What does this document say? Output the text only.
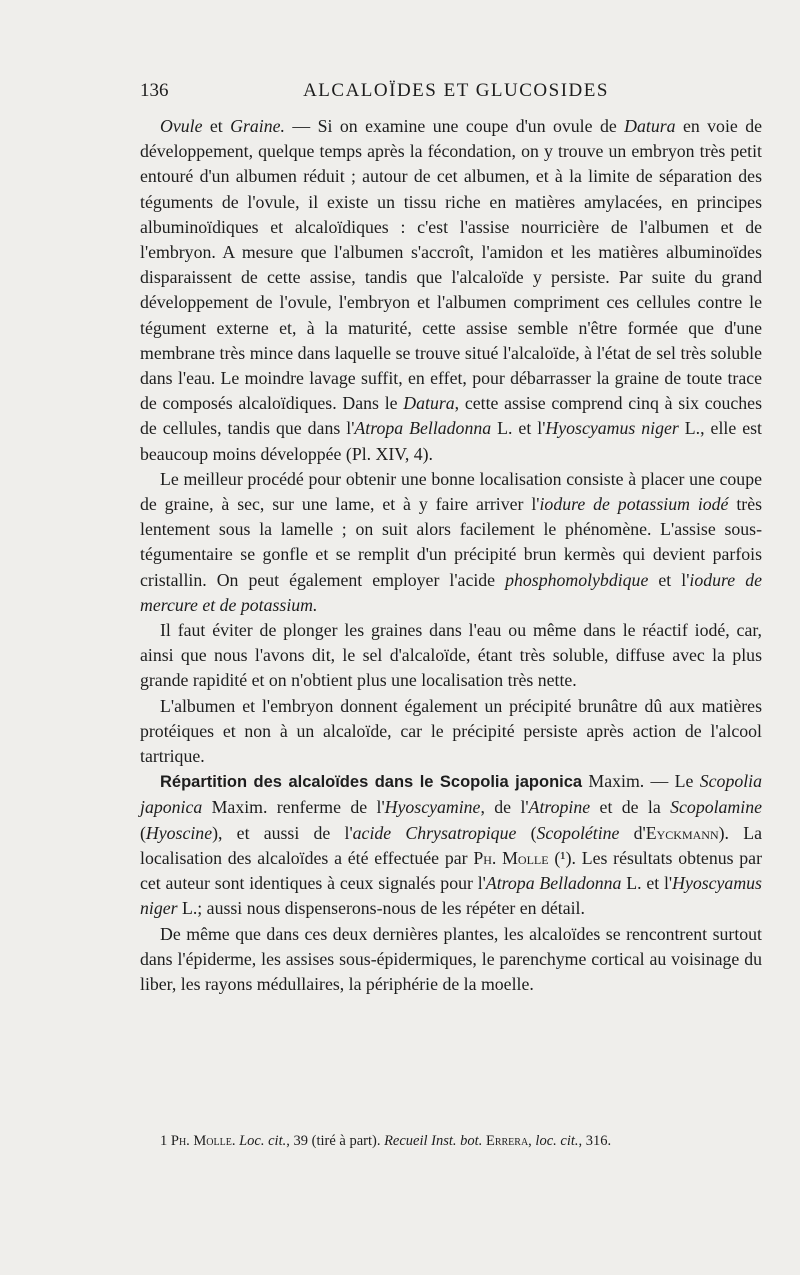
136	ALCALOÏDES ET GLUCOSIDES

Ovule et Graine. — Si on examine une coupe d'un ovule de Datura en voie de développement, quelque temps après la fécondation, on y trouve un embryon très petit entouré d'un albumen réduit ; autour de cet albumen, et à la limite de séparation des téguments de l'ovule, il existe un tissu riche en matières amylacées, en principes albuminoïdiques et alcaloïdiques : c'est l'assise nourricière de l'albumen et de l'embryon. A mesure que l'albumen s'accroît, l'amidon et les matières albuminoïdes disparaissent de cette assise, tandis que l'alcaloïde y persiste. Par suite du grand développement de l'ovule, l'embryon et l'albumen compriment ces cellules contre le tégument externe et, à la maturité, cette assise semble n'être formée que d'une membrane très mince dans laquelle se trouve situé l'alcaloïde, à l'état de sel très soluble dans l'eau. Le moindre lavage suffit, en effet, pour débarrasser la graine de toute trace de composés alcaloïdiques. Dans le Datura, cette assise comprend cinq à six couches de cellules, tandis que dans l'Atropa Belladonna L. et l'Hyoscyamus niger L., elle est beaucoup moins développée (Pl. XIV, 4).

Le meilleur procédé pour obtenir une bonne localisation consiste à placer une coupe de graine, à sec, sur une lame, et à y faire arriver l'iodure de potassium iodé très lentement sous la lamelle ; on suit alors facilement le phénomène. L'assise sous-tégumentaire se gonfle et se remplit d'un précipité brun kermès qui devient parfois cristallin. On peut également employer l'acide phosphomolybdique et l'iodure de mercure et de potassium.

Il faut éviter de plonger les graines dans l'eau ou même dans le réactif iodé, car, ainsi que nous l'avons dit, le sel d'alcaloïde, étant très soluble, diffuse avec la plus grande rapidité et on n'obtient plus une localisation très nette.

L'albumen et l'embryon donnent également un précipité brunâtre dû aux matières protéiques et non à un alcaloïde, car le précipité persiste après action de l'alcool tartrique.

Répartition des alcaloïdes dans le Scopolia japonica Maxim. — Le Scopolia japonica Maxim. renferme de l'Hyoscyamine, de l'Atropine et de la Scopolamine (Hyoscine), et aussi de l'acide Chrysatropique (Scopolétine d'Eyckmann). La localisation des alcaloïdes a été effectuée par Ph. Molle (¹). Les résultats obtenus par cet auteur sont identiques à ceux signalés pour l'Atropa Belladonna L. et l'Hyoscyamus niger L.; aussi nous dispenserons-nous de les répéter en détail.

De même que dans ces deux dernières plantes, les alcaloïdes se rencontrent surtout dans l'épiderme, les assises sous-épidermiques, le parenchyme cortical au voisinage du liber, les rayons médullaires, la périphérie de la moelle.

1 Ph. Molle. Loc. cit., 39 (tiré à part). Recueil Inst. bot. Errera, loc. cit., 316.
